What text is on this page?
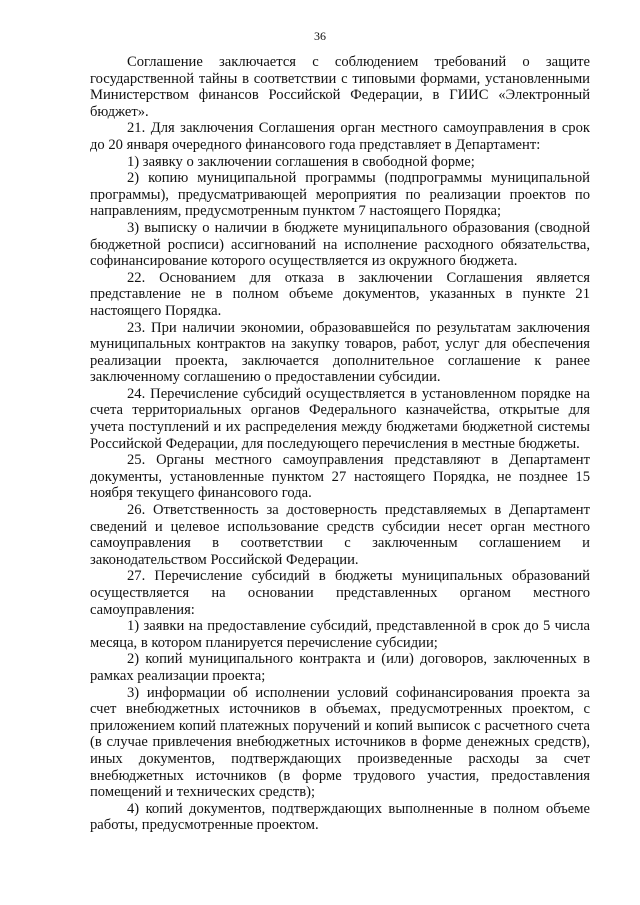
36

Соглашение заключается с соблюдением требований о защите государственной тайны в соответствии с типовыми формами, установленными Министерством финансов Российской Федерации, в ГИИС «Электронный бюджет».

21. Для заключения Соглашения орган местного самоуправления в срок до 20 января очередного финансового года представляет в Департамент:

1) заявку о заключении соглашения в свободной форме;

2) копию муниципальной программы (подпрограммы муниципальной программы), предусматривающей мероприятия по реализации проектов по направлениям, предусмотренным пунктом 7 настоящего Порядка;

3) выписку о наличии в бюджете муниципального образования (сводной бюджетной росписи) ассигнований на исполнение расходного обязательства, софинансирование которого осуществляется из окружного бюджета.

22. Основанием для отказа в заключении Соглашения является представление не в полном объеме документов, указанных в пункте 21 настоящего Порядка.

23. При наличии экономии, образовавшейся по результатам заключения муниципальных контрактов на закупку товаров, работ, услуг для обеспечения реализации проекта, заключается дополнительное соглашение к ранее заключенному соглашению о предоставлении субсидии.

24. Перечисление субсидий осуществляется в установленном порядке на счета территориальных органов Федерального казначейства, открытые для учета поступлений и их распределения между бюджетами бюджетной системы Российской Федерации, для последующего перечисления в местные бюджеты.

25. Органы местного самоуправления представляют в Департамент документы, установленные пунктом 27 настоящего Порядка, не позднее 15 ноября текущего финансового года.

26. Ответственность за достоверность представляемых в Департамент сведений и целевое использование средств субсидии несет орган местного самоуправления в соответствии с заключенным соглашением и законодательством Российской Федерации.

27. Перечисление субсидий в бюджеты муниципальных образований осуществляется на основании представленных органом местного самоуправления:

1) заявки на предоставление субсидий, представленной в срок до 5 числа месяца, в котором планируется перечисление субсидии;

2) копий муниципального контракта и (или) договоров, заключенных в рамках реализации проекта;

3) информации об исполнении условий софинансирования проекта за счет внебюджетных источников в объемах, предусмотренных проектом, с приложением копий платежных поручений и копий выписок с расчетного счета (в случае привлечения внебюджетных источников в форме денежных средств), иных документов, подтверждающих произведенные расходы за счет внебюджетных источников (в форме трудового участия, предоставления помещений и технических средств);

4) копий документов, подтверждающих выполненные в полном объеме работы, предусмотренные проектом.
